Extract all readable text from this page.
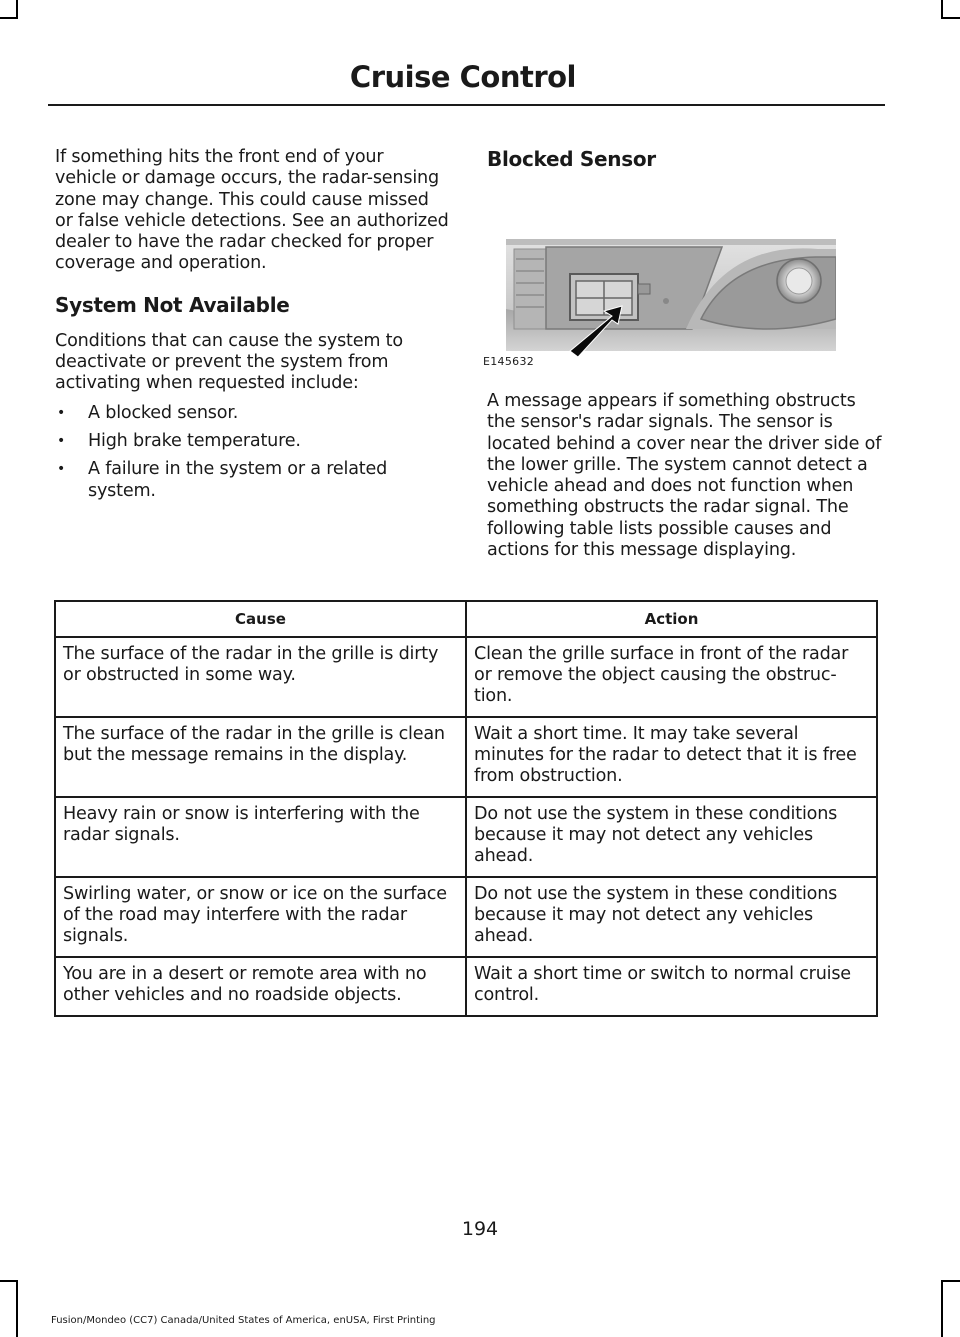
Cruise Control

If something hits the front end of your vehicle or damage occurs, the radar-sensing zone may change. This could cause missed or false vehicle detections. See an authorized dealer to have the radar checked for proper coverage and operation.

System Not Available

Conditions that can cause the system to deactivate or prevent the system from activating when requested include:

• A blocked sensor.
• High brake temperature.
• A failure in the system or a related system.
Blocked Sensor
E145632

A message appears if something obstructs the sensor's radar signals. The sensor is located behind a cover near the driver side of the lower grille. The system cannot detect a vehicle ahead and does not function when something obstructs the radar signal. The following table lists possible causes and actions for this message displaying.

Cause	Action
The surface of the radar in the grille is dirty or obstructed in some way.	Clean the grille surface in front of the radar or remove the object causing the obstruc-tion.
The surface of the radar in the grille is clean but the message remains in the display.	Wait a short time. It may take several minutes for the radar to detect that it is free from obstruction.
Heavy rain or snow is interfering with the radar signals.	Do not use the system in these conditions because it may not detect any vehicles ahead.
Swirling water, or snow or ice on the surface of the road may interfere with the radar signals.	Do not use the system in these conditions because it may not detect any vehicles ahead.
You are in a desert or remote area with no other vehicles and no roadside objects.	Wait a short time or switch to normal cruise control.
194
Fusion/Mondeo (CC7) Canada/United States of America, enUSA, First Printing
